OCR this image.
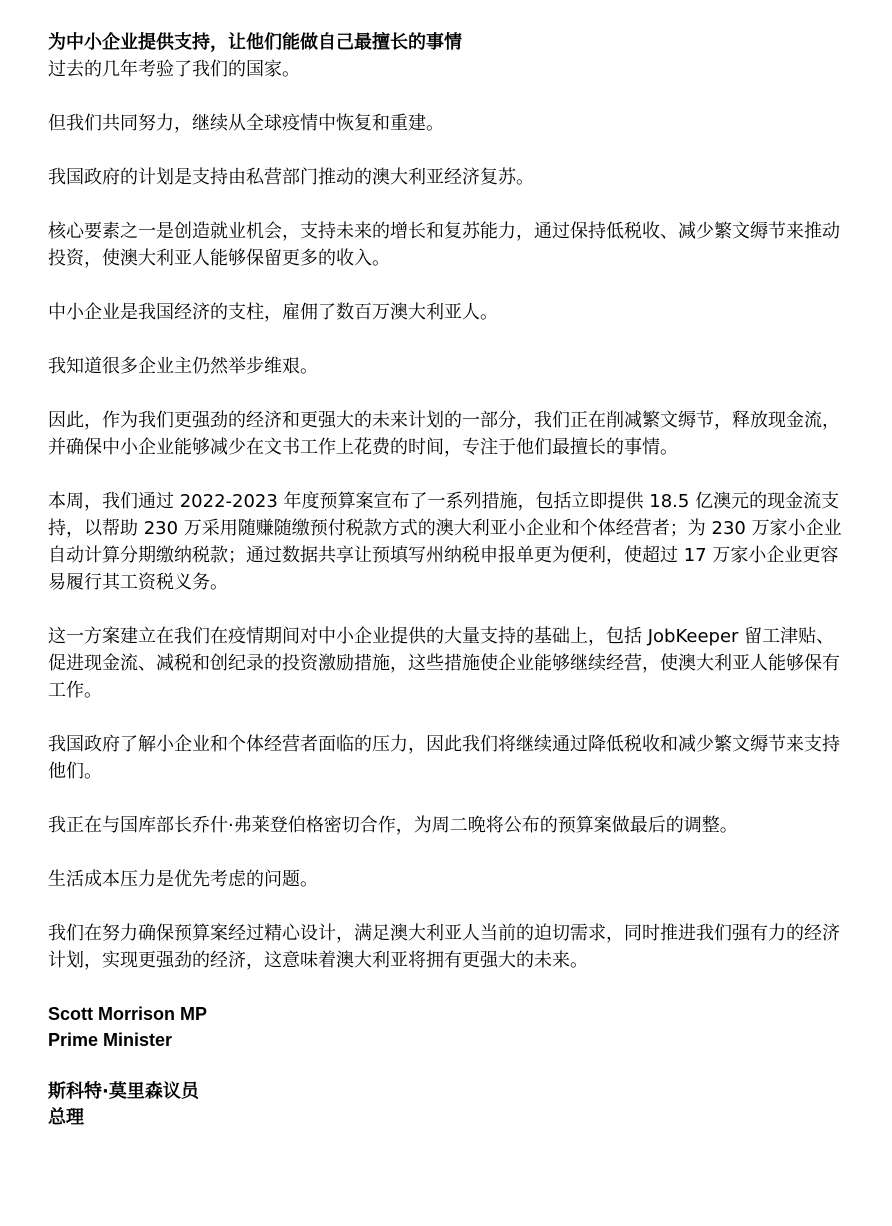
为中小企业提供支持，让他们能做自己最擅长的事情

过去的几年考验了我们的国家。

但我们共同努力，继续从全球疫情中恢复和重建。

我国政府的计划是支持由私营部门推动的澳大利亚经济复苏。

核心要素之一是创造就业机会，支持未来的增长和复苏能力，通过保持低税收、减少繁文缛节来推动投资，使澳大利亚人能够保留更多的收入。

中小企业是我国经济的支柱，雇佣了数百万澳大利亚人。

我知道很多企业主仍然举步维艰。

因此，作为我们更强劲的经济和更强大的未来计划的一部分，我们正在削减繁文缛节，释放现金流，并确保中小企业能够减少在文书工作上花费的时间，专注于他们最擅长的事情。

本周，我们通过 2022-2023 年度预算案宣布了一系列措施，包括立即提供 18.5 亿澳元的现金流支持，以帮助 230 万采用随赚随缴预付税款方式的澳大利亚小企业和个体经营者；为 230 万家小企业自动计算分期缴纳税款；通过数据共享让预填写州纳税申报单更为便利，使超过 17 万家小企业更容易履行其工资税义务。

这一方案建立在我们在疫情期间对中小企业提供的大量支持的基础上，包括 JobKeeper 留工津贴、促进现金流、减税和创纪录的投资激励措施，这些措施使企业能够继续经营，使澳大利亚人能够保有工作。

我国政府了解小企业和个体经营者面临的压力，因此我们将继续通过降低税收和减少繁文缛节来支持他们。

我正在与国库部长乔什·弗莱登伯格密切合作，为周二晚将公布的预算案做最后的调整。

生活成本压力是优先考虑的问题。

我们在努力确保预算案经过精心设计，满足澳大利亚人当前的迫切需求，同时推进我们强有力的经济计划，实现更强劲的经济，这意味着澳大利亚将拥有更强大的未来。

Scott Morrison MP

Prime Minister

斯科特·莫里森议员

总理
